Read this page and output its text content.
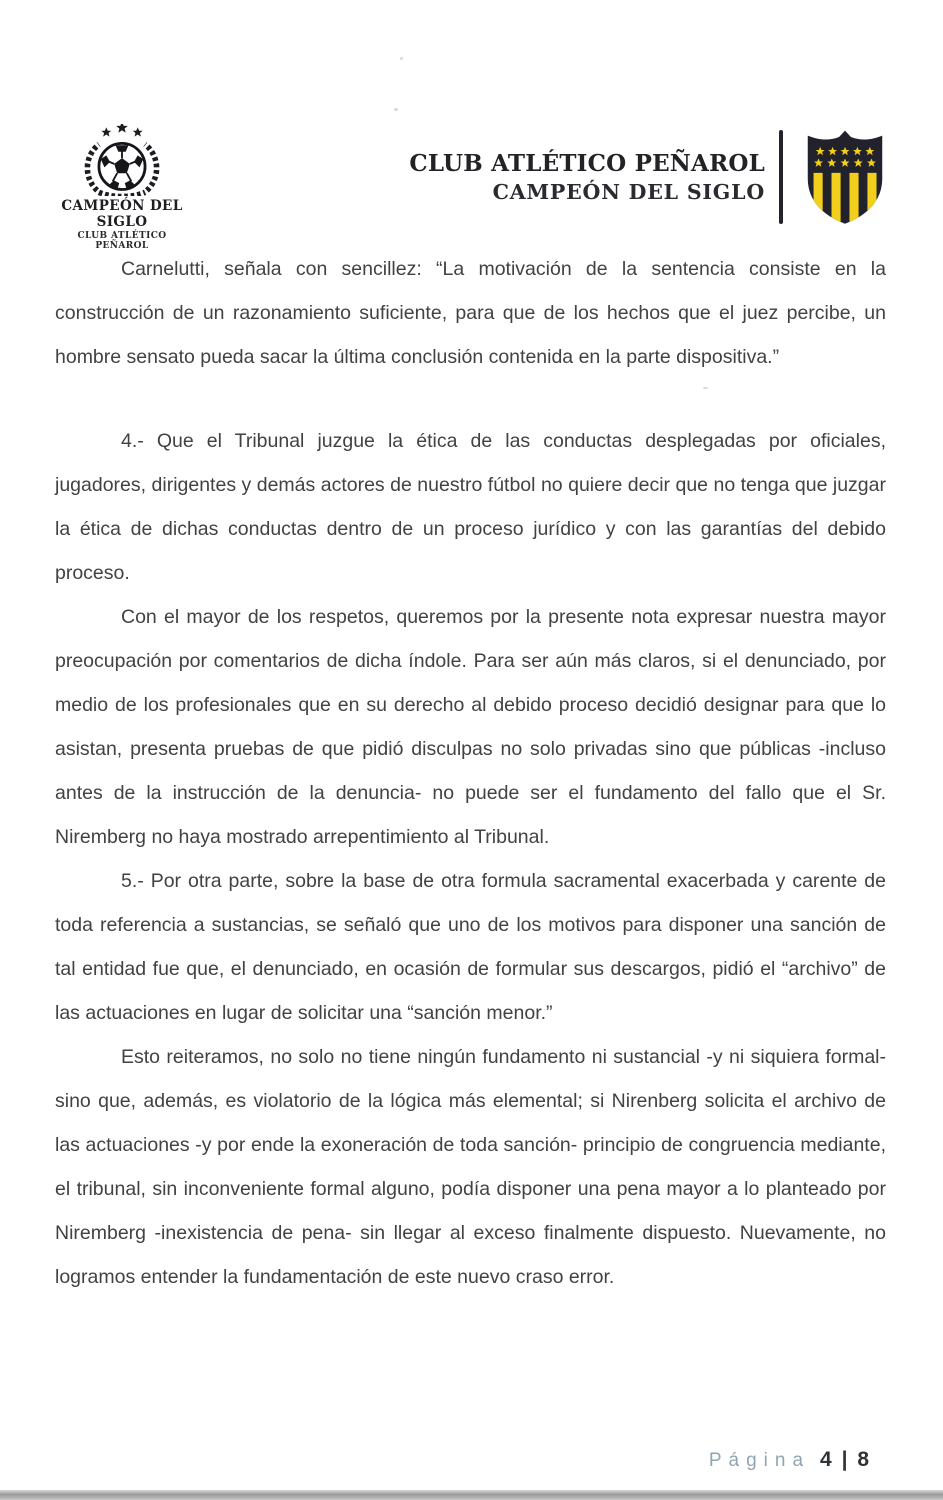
CAMPEÓN DEL SIGLO
CLUB ATLÉTICO PEÑAROL
CLUB ATLÉTICO PEÑAROL
CAMPEÓN DEL SIGLO

Carnelutti, señala con sencillez: “La motivación de la sentencia consiste en la construcción de un razonamiento suficiente, para que de los hechos que el juez percibe, un hombre sensato pueda sacar la última conclusión contenida en la parte dispositiva.”

4.- Que el Tribunal juzgue la ética de las conductas desplegadas por oficiales, jugadores, dirigentes y demás actores de nuestro fútbol no quiere decir que no tenga que juzgar la ética de dichas conductas dentro de un proceso jurídico y con las garantías del debido proceso.

Con el mayor de los respetos, queremos por la presente nota expresar nuestra mayor preocupación por comentarios de dicha índole. Para ser aún más claros, si el denunciado, por medio de los profesionales que en su derecho al debido proceso decidió designar para que lo asistan, presenta pruebas de que pidió disculpas no solo privadas sino que públicas -incluso antes de la instrucción de la denuncia- no puede ser el fundamento del fallo que el Sr. Niremberg no haya mostrado arrepentimiento al Tribunal.

5.- Por otra parte, sobre la base de otra formula sacramental exacerbada y carente de toda referencia a sustancias, se señaló que uno de los motivos para disponer una sanción de tal entidad fue que, el denunciado, en ocasión de formular sus descargos, pidió el “archivo” de las actuaciones en lugar de solicitar una “sanción menor.”

Esto reiteramos, no solo no tiene ningún fundamento ni sustancial -y ni siquiera formal- sino que, además, es violatorio de la lógica más elemental; si Nirenberg solicita el archivo de las actuaciones -y por ende la exoneración de toda sanción- principio de congruencia mediante, el tribunal, sin inconveniente formal alguno, podía disponer una pena mayor a lo planteado por Niremberg -inexistencia de pena- sin llegar al exceso finalmente dispuesto. Nuevamente, no logramos entender la fundamentación de este nuevo craso error.

Página 4 | 8
